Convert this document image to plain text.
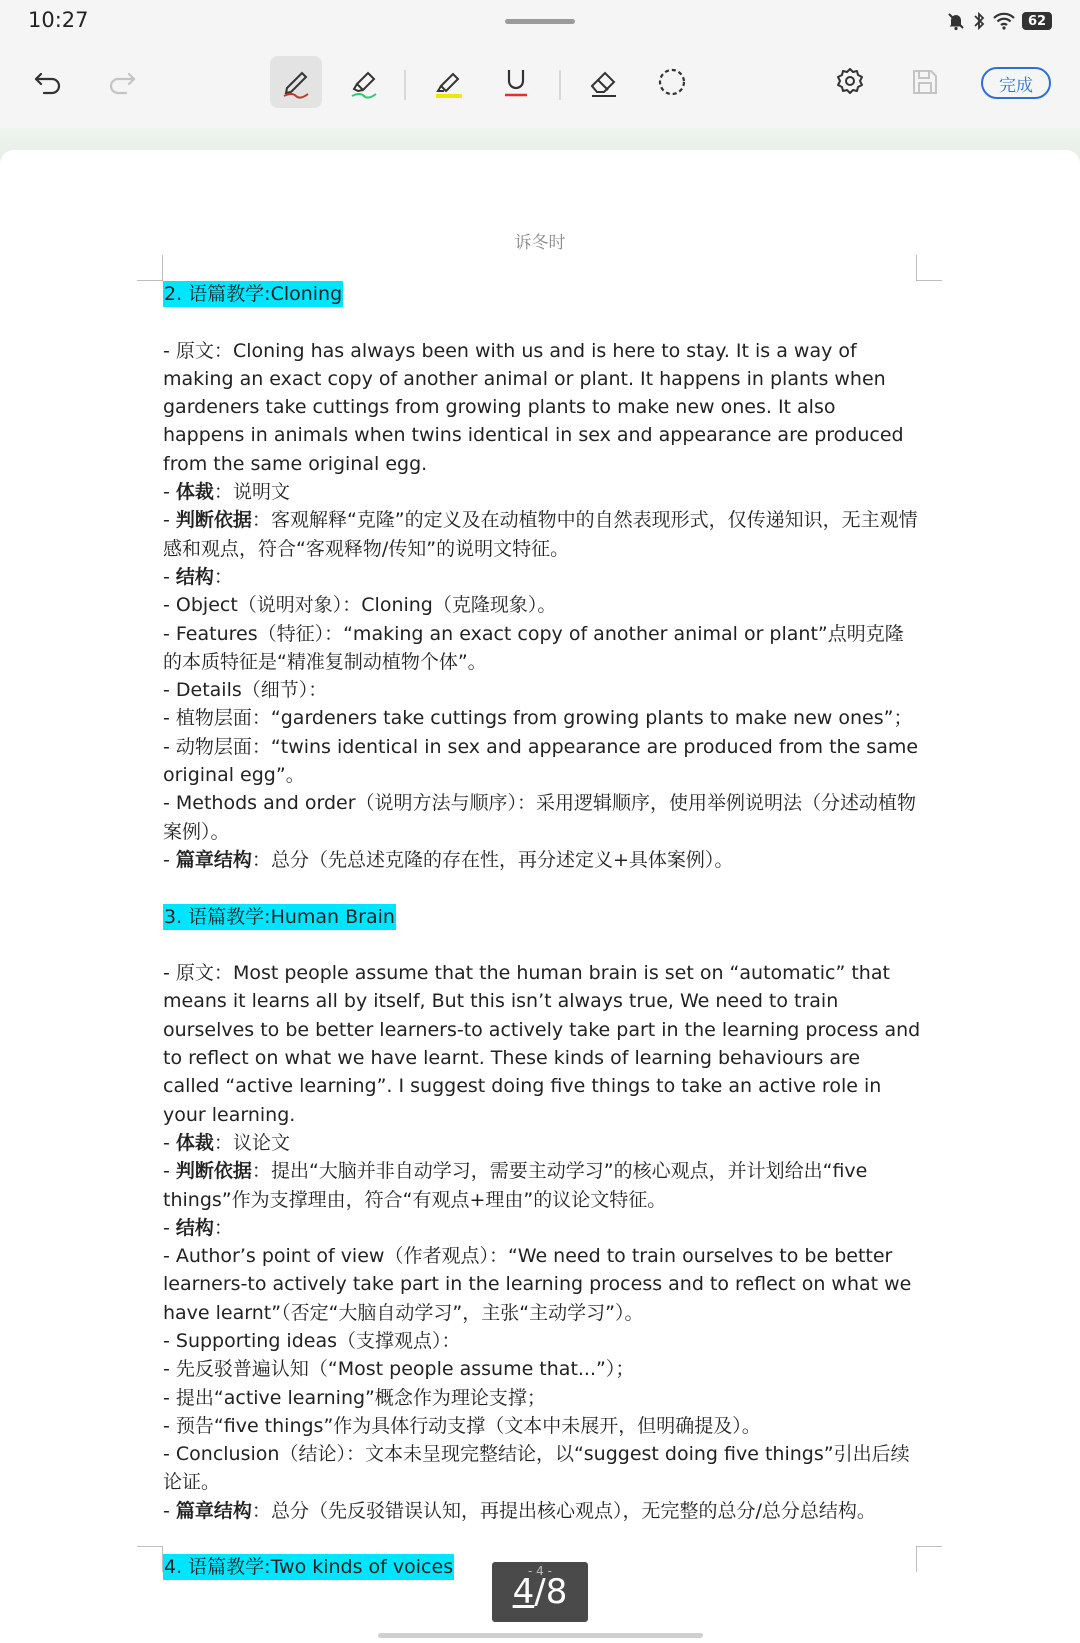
10:27	62
完成
诉冬时

2. 语篇教学:Cloning

- 原文：Cloning has always been with us and is here to stay. It is a way of making an exact copy of another animal or plant. It happens in plants when gardeners take cuttings from growing plants to make new ones. It also happens in animals when twins identical in sex and appearance are produced from the same original egg.

- 体裁：说明文

- 判断依据：客观解释“克隆”的定义及在动植物中的自然表现形式，仅传递知识，无主观情感和观点，符合“客观释物/传知”的说明文特征。

- 结构：

- Object（说明对象）：Cloning（克隆现象）。

- Features（特征）：“making an exact copy of another animal or plant”点明克隆的本质特征是“精准复制动植物个体”。

- Details（细节）：

- 植物层面：“gardeners take cuttings from growing plants to make new ones”；

- 动物层面：“twins identical in sex and appearance are produced from the same original egg”。

- Methods and order（说明方法与顺序）：采用逻辑顺序，使用举例说明法（分述动植物案例）。

- 篇章结构：总分（先总述克隆的存在性，再分述定义+具体案例）。

3. 语篇教学:Human Brain

- 原文：Most people assume that the human brain is set on “automatic” that means it learns all by itself, But this isn’t always true, We need to train ourselves to be better learners-to actively take part in the learning process and to reflect on what we have learnt. These kinds of learning behaviours are called “active learning”. I suggest doing five things to take an active role in your learning.

- 体裁：议论文

- 判断依据：提出“大脑并非自动学习，需要主动学习”的核心观点，并计划给出“five things”作为支撑理由，符合“有观点+理由”的议论文特征。

- 结构：

- Author’s point of view（作者观点）：“We need to train ourselves to be better learners-to actively take part in the learning process and to reflect on what we have learnt”（否定“大脑自动学习”，主张“主动学习”）。

- Supporting ideas（支撑观点）：

- 先反驳普遍认知（“Most people assume that...”）；

- 提出“active learning”概念作为理论支撑；

- 预告“five things”作为具体行动支撑（文本中未展开，但明确提及）。

- Conclusion（结论）：文本未呈现完整结论，以“suggest doing five things”引出后续论证。

- 篇章结构：总分（先反驳错误认知，再提出核心观点），无完整的总分/总分总结构。

4. 语篇教学:Two kinds of voices	- 4 -
4 / 8
